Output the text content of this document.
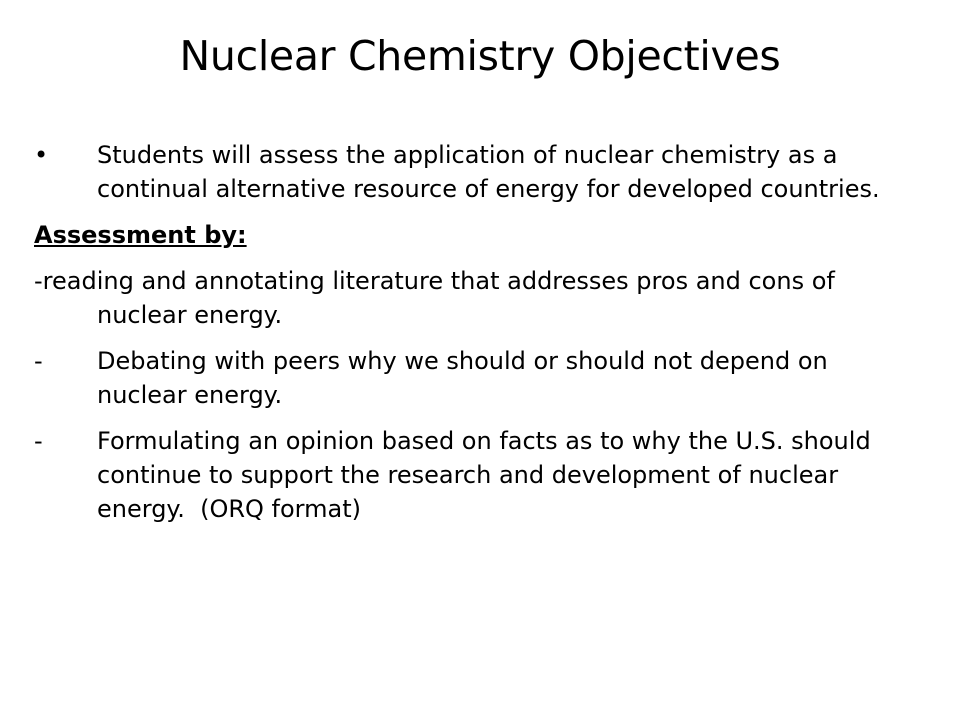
Nuclear Chemistry Objectives
• Students will assess the application of nuclear chemistry as a continual alternative resource of energy for developed countries.
Assessment by:
-reading and annotating literature that addresses pros and cons of nuclear energy.
- Debating with peers why we should or should not depend on nuclear energy.
- Formulating an opinion based on facts as to why the U.S. should continue to support the research and development of nuclear energy.  (ORQ format)
